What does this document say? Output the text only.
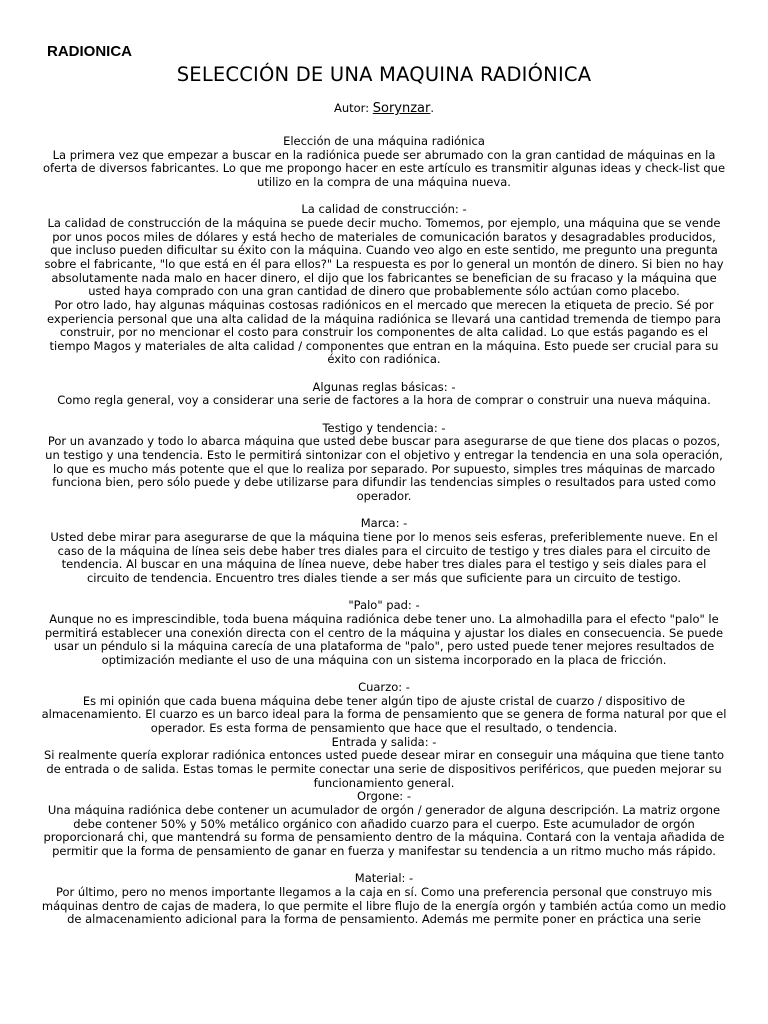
RADIONICA
SELECCIÓN DE UNA MAQUINA RADIÓNICA
Autor: Sorynzar.

Elección de una máquina radiónica

La primera vez que empezar a buscar en la radiónica puede ser abrumado con la gran cantidad de máquinas en la oferta de diversos fabricantes. Lo que me propongo hacer en este artículo es transmitir algunas ideas y check-list que utilizo en la compra de una máquina nueva.

La calidad de construcción: -

La calidad de construcción de la máquina se puede decir mucho. Tomemos, por ejemplo, una máquina que se vende por unos pocos miles de dólares y está hecho de materiales de comunicación baratos y desagradables producidos, que incluso pueden dificultar su éxito con la máquina. Cuando veo algo en este sentido, me pregunto una pregunta sobre el fabricante, "lo que está en él para ellos?" La respuesta es por lo general un montón de dinero. Si bien no hay absolutamente nada malo en hacer dinero, el dijo que los fabricantes se benefician de su fracaso y la máquina que usted haya comprado con una gran cantidad de dinero que probablemente sólo actúan como placebo.

Por otro lado, hay algunas máquinas costosas radiónicos en el mercado que merecen la etiqueta de precio. Sé por experiencia personal que una alta calidad de la máquina radiónica se llevará una cantidad tremenda de tiempo para construir, por no mencionar el costo para construir los componentes de alta calidad. Lo que estás pagando es el tiempo Magos y materiales de alta calidad / componentes que entran en la máquina. Esto puede ser crucial para su éxito con radiónica.

Algunas reglas básicas: -

Como regla general, voy a considerar una serie de factores a la hora de comprar o construir una nueva máquina.

Testigo y tendencia: -

Por un avanzado y todo lo abarca máquina que usted debe buscar para asegurarse de que tiene dos placas o pozos, un testigo y una tendencia. Esto le permitirá sintonizar con el objetivo y entregar la tendencia en una sola operación, lo que es mucho más potente que el que lo realiza por separado. Por supuesto, simples tres máquinas de marcado funciona bien, pero sólo puede y debe utilizarse para difundir las tendencias simples o resultados para usted como operador.

Marca: -

Usted debe mirar para asegurarse de que la máquina tiene por lo menos seis esferas, preferiblemente nueve. En el caso de la máquina de línea seis debe haber tres diales para el circuito de testigo y tres diales para el circuito de tendencia. Al buscar en una máquina de línea nueve, debe haber tres diales para el testigo y seis diales para el circuito de tendencia. Encuentro tres diales tiende a ser más que suficiente para un circuito de testigo.

"Palo" pad: -

Aunque no es imprescindible, toda buena máquina radiónica debe tener uno. La almohadilla para el efecto "palo" le permitirá establecer una conexión directa con el centro de la máquina y ajustar los diales en consecuencia. Se puede usar un péndulo si la máquina carecía de una plataforma de "palo", pero usted puede tener mejores resultados de optimización mediante el uso de una máquina con un sistema incorporado en la placa de fricción.

Cuarzo: -

Es mi opinión que cada buena máquina debe tener algún tipo de ajuste cristal de cuarzo / dispositivo de almacenamiento. El cuarzo es un barco ideal para la forma de pensamiento que se genera de forma natural por que el operador. Es esta forma de pensamiento que hace que el resultado, o tendencia.

Entrada y salida: -

Si realmente quería explorar radiónica entonces usted puede desear mirar en conseguir una máquina que tiene tanto de entrada o de salida. Estas tomas le permite conectar una serie de dispositivos periféricos, que pueden mejorar su funcionamiento general.

Orgone: -

Una máquina radiónica debe contener un acumulador de orgón / generador de alguna descripción. La matriz orgone debe contener 50% y 50% metálico orgánico con añadido cuarzo para el cuerpo. Este acumulador de orgón proporcionará chi, que mantendrá su forma de pensamiento dentro de la máquina. Contará con la ventaja añadida de permitir que la forma de pensamiento de ganar en fuerza y manifestar su tendencia a un ritmo mucho más rápido.

Material: -

Por último, pero no menos importante llegamos a la caja en sí. Como una preferencia personal que construyo mis máquinas dentro de cajas de madera, lo que permite el libre flujo de la energía orgón y también actúa como un medio de almacenamiento adicional para la forma de pensamiento. Además me permite poner en práctica una serie
